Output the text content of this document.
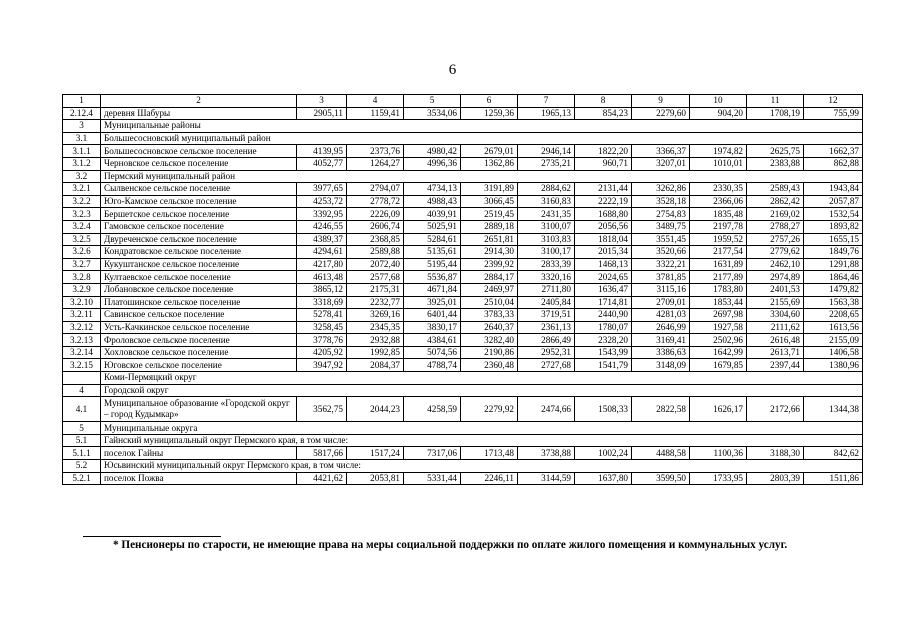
6
1	2	3	4	5	6	7	8	9	10	11	12
2.12.4	деревня Шабуры	2905,11	1159,41	3534,06	1259,36	1965,13	854,23	2279,60	904,20	1708,19	755,99
3	Муниципальные районы										
3.1	Большесосновский муниципальный район										
3.1.1	Большесосновское сельское поселение	4139,95	2373,76	4980,42	2679,01	2946,14	1822,20	3366,37	1974,82	2625,75	1662,37
3.1.2	Черновское сельское поселение	4052,77	1264,27	4996,36	1362,86	2735,21	960,71	3207,01	1010,01	2383,88	862,88
3.2	Пермский муниципальный район										
3.2.1	Сылвенское сельское поселение	3977,65	2794,07	4734,13	3191,89	2884,62	2131,44	3262,86	2330,35	2589,43	1943,84
3.2.2	Юго-Камское сельское поселение	4253,72	2778,72	4988,43	3066,45	3160,83	2222,19	3528,18	2366,06	2862,42	2057,87
3.2.3	Бершетское сельское поселение	3392,95	2226,09	4039,91	2519,45	2431,35	1688,80	2754,83	1835,48	2169,02	1532,54
3.2.4	Гамовское сельское поселение	4246,55	2606,74	5025,91	2889,18	3100,07	2056,56	3489,75	2197,78	2788,27	1893,82
3.2.5	Двуреченское сельское поселение	4389,37	2368,85	5284,61	2651,81	3103,83	1818,04	3551,45	1959,52	2757,26	1655,15
3.2.6	Кондратовское сельское поселение	4294,61	2589,88	5135,61	2914,30	3100,17	2015,34	3520,66	2177,54	2779,62	1849,76
3.2.7	Кукуштанское сельское поселение	4217,80	2072,40	5195,44	2399,92	2833,39	1468,13	3322,21	1631,89	2462,10	1291,88
3.2.8	Култаевское сельское поселение	4613,48	2577,68	5536,87	2884,17	3320,16	2024,65	3781,85	2177,89	2974,89	1864,46
3.2.9	Лобановское сельское поселение	3865,12	2175,31	4671,84	2469,97	2711,80	1636,47	3115,16	1783,80	2401,53	1479,82
3.2.10	Платошинское сельское поселение	3318,69	2232,77	3925,01	2510,04	2405,84	1714,81	2709,01	1853,44	2155,69	1563,38
3.2.11	Савинское сельское поселение	5278,41	3269,16	6401,44	3783,33	3719,51	2440,90	4281,03	2697,98	3304,60	2208,65
3.2.12	Усть-Качкинское сельское поселение	3258,45	2345,35	3830,17	2640,37	2361,13	1780,07	2646,99	1927,58	2111,62	1613,56
3.2.13	Фроловское сельское поселение	3778,76	2932,88	4384,61	3282,40	2866,49	2328,20	3169,41	2502,96	2616,48	2155,09
3.2.14	Хохловское сельское поселение	4205,92	1992,85	5074,56	2190,86	2952,31	1543,99	3386,63	1642,99	2613,71	1406,58
3.2.15	Юговское сельское поселение	3947,92	2084,37	4788,74	2360,48	2727,68	1541,79	3148,09	1679,85	2397,44	1380,96
	Коми-Пермяцкий округ										
4	Городской округ										
4.1	Муниципальное образование «Городской округ – город Кудымкар»	3562,75	2044,23	4258,59	2279,92	2474,66	1508,33	2822,58	1626,17	2172,66	1344,38
5	Муниципальные округа										
5.1	Гайнский муниципальный округ Пермского края, в том числе:										
5.1.1	поселок Гайны	5817,66	1517,24	7317,06	1713,48	3738,88	1002,24	4488,58	1100,36	3188,30	842,62
5.2	Юсьвинский муниципальный округ Пермского края, в том числе:										
5.2.1	поселок Пожва	4421,62	2053,81	5331,44	2246,11	3144,59	1637,80	3599,50	1733,95	2803,39	1511,86
* Пенсионеры по старости, не имеющие права на меры социальной поддержки по оплате жилого помещения и коммунальных услуг.
